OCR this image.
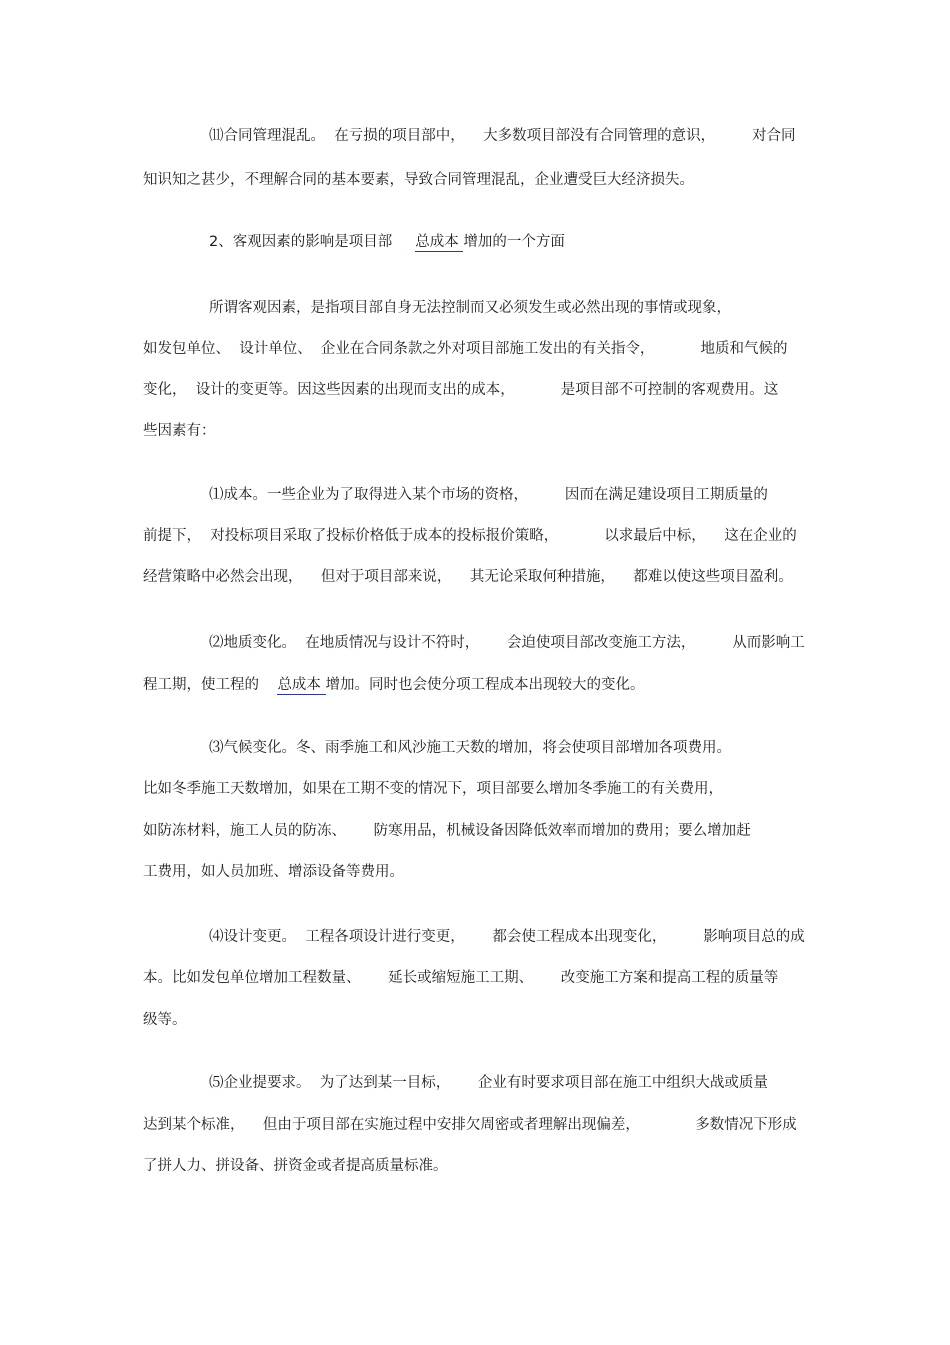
⑾合同管理混乱。  在亏损的项目部中，    大多数项目部没有合同管理的意识，        对合同
知识知之甚少，不理解合同的基本要素，导致合同管理混乱，企业遭受巨大经济损失。
2、客观因素的影响是项目部     总成本 增加的一个方面
所谓客观因素，是指项目部自身无法控制而又必须发生或必然出现的事情或现象，
如发包单位、  设计单位、  企业在合同条款之外对项目部施工发出的有关指令，          地质和气候的
变化，  设计的变更等。因这些因素的出现而支出的成本，          是项目部不可控制的客观费用。这
些因素有：
⑴成本。一些企业为了取得进入某个市场的资格，        因而在满足建设项目工期质量的
前提下，  对投标项目采取了投标价格低于成本的投标报价策略，          以求最后中标，    这在企业的
经营策略中必然会出现，    但对于项目部来说，    其无论采取何种措施，    都难以使这些项目盈利。
⑵地质变化。  在地质情况与设计不符时，      会迫使项目部改变施工方法，        从而影响工
程工期，使工程的    总成本 增加。同时也会使分项工程成本出现较大的变化。
⑶气候变化。冬、雨季施工和风沙施工天数的增加，将会使项目部增加各项费用。
比如冬季施工天数增加，如果在工期不变的情况下，项目部要么增加冬季施工的有关费用，
如防冻材料，施工人员的防冻、      防寒用品，机械设备因降低效率而增加的费用；要么增加赶
工费用，如人员加班、增添设备等费用。
⑷设计变更。  工程各项设计进行变更，      都会使工程成本出现变化，        影响项目总的成
本。比如发包单位增加工程数量、      延长或缩短施工工期、      改变施工方案和提高工程的质量等
级等。
⑸企业提要求。  为了达到某一目标，      企业有时要求项目部在施工中组织大战或质量
达到某个标准，    但由于项目部在实施过程中安排欠周密或者理解出现偏差，            多数情况下形成
了拼人力、拼设备、拼资金或者提高质量标准。
